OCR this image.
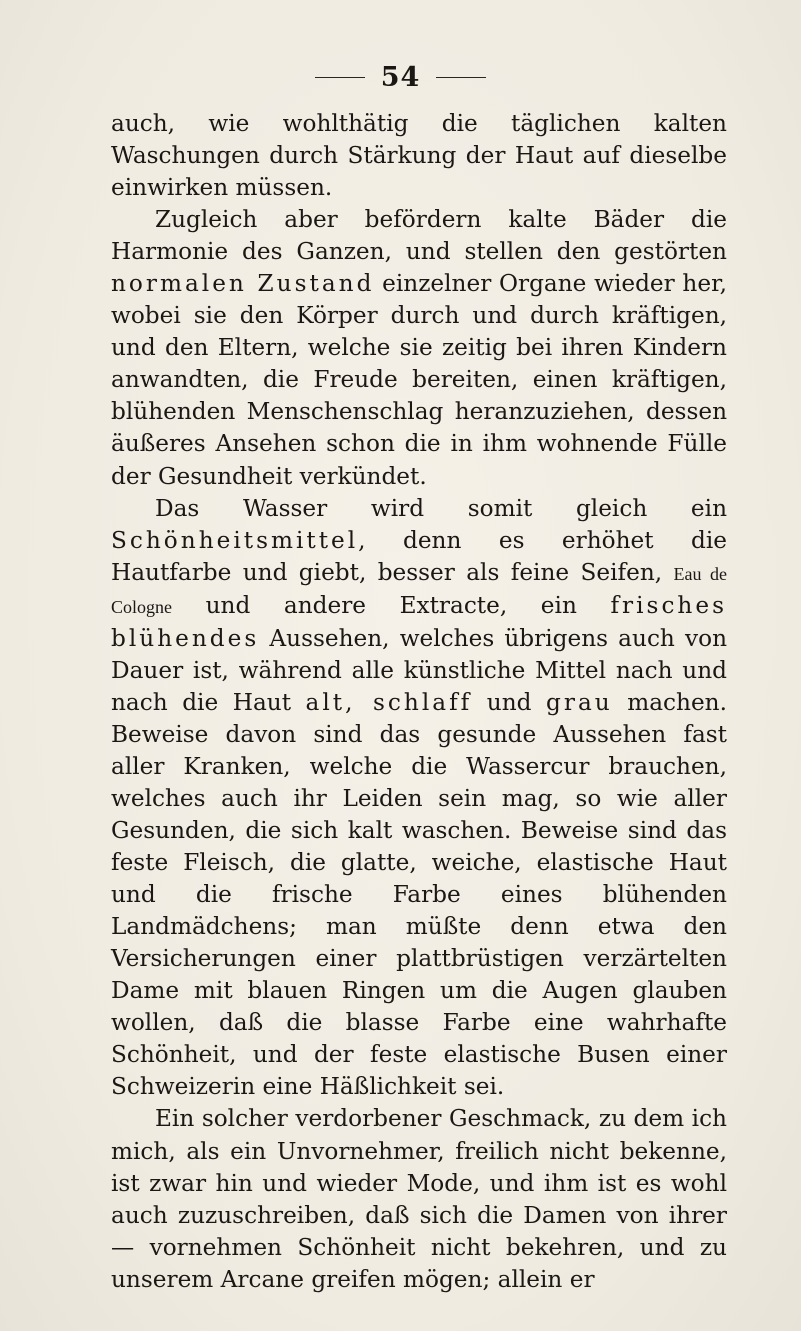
54

auch, wie wohlthätig die täglichen kalten Waschungen durch Stärkung der Haut auf dieselbe einwirken müssen.

Zugleich aber befördern kalte Bäder die Harmonie des Ganzen, und stellen den gestörten normalen Zustand einzelner Organe wieder her, wobei sie den Körper durch und durch kräftigen, und den Eltern, welche sie zeitig bei ihren Kindern anwandten, die Freude bereiten, einen kräftigen, blühenden Menschenschlag heranzuziehen, dessen äußeres Ansehen schon die in ihm wohnende Fülle der Gesundheit verkündet.

Das Wasser wird somit gleich ein Schönheitsmittel, denn es erhöhet die Hautfarbe und giebt, besser als feine Seifen, Eau de Cologne und andere Extracte, ein frisches blühendes Aussehen, welches übrigens auch von Dauer ist, während alle künstliche Mittel nach und nach die Haut alt, schlaff und grau machen. Beweise davon sind das gesunde Aussehen fast aller Kranken, welche die Wassercur brauchen, welches auch ihr Leiden sein mag, so wie aller Gesunden, die sich kalt waschen. Beweise sind das feste Fleisch, die glatte, weiche, elastische Haut und die frische Farbe eines blühenden Landmädchens; man müßte denn etwa den Versicherungen einer plattbrüstigen verzärtelten Dame mit blauen Ringen um die Augen glauben wollen, daß die blasse Farbe eine wahrhafte Schönheit, und der feste elastische Busen einer Schweizerin eine Häßlichkeit sei.

Ein solcher verdorbener Geschmack, zu dem ich mich, als ein Unvornehmer, freilich nicht bekenne, ist zwar hin und wieder Mode, und ihm ist es wohl auch zuzuschreiben, daß sich die Damen von ihrer — vornehmen Schönheit nicht bekehren, und zu unserem Arcane greifen mögen; allein er
